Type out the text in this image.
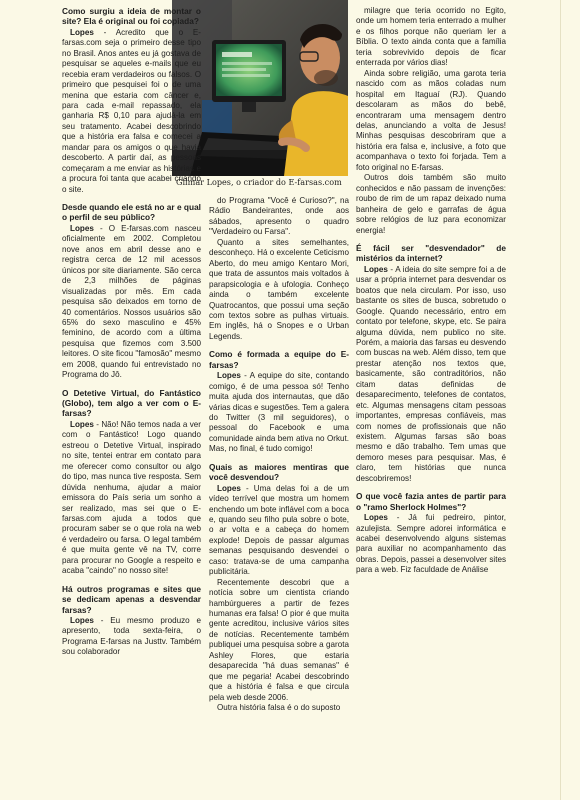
RICARDO FERRARI
Gilmar Lopes, o criador do E-farsas.com

Como surgiu a ideia de montar o site? Ela é original ou foi copiada?

Lopes - Acredito que o E-farsas.com seja o primeiro desse tipo no Brasil. Anos antes eu já gostava de pesquisar se aqueles e-mails que eu recebia eram verdadeiros ou falsos. O primeiro que pesquisei foi o de uma menina que estaria com câncer e, para cada e-mail repassado, ela ganharia R$ 0,10 para ajudá-la em seu tratamento. Acabei descobrindo que a história era falsa e comecei a mandar para os amigos o que havia descoberto. A partir daí, as pessoas começaram a me enviar as histórias e a procura foi tanta que acabei criando o site.

Desde quando ele está no ar e qual o perfil de seu público?

Lopes - O E-farsas.com nasceu oficialmente em 2002. Completou nove anos em abril desse ano e registra cerca de 12 mil acessos únicos por site diariamente. São cerca de 2,3 milhões de páginas visualizadas por mês. Em cada pesquisa são deixados em torno de 40 comentários. Nossos usuários são 65% do sexo masculino e 45% feminino, de acordo com a última pesquisa que fizemos com 3.500 leitores. O site ficou "famosão" mesmo em 2008, quando fui entrevistado no Programa do Jô.

O Detetive Virtual, do Fantástico (Globo), tem algo a ver com o E-farsas?

Lopes - Não! Não temos nada a ver com o Fantástico! Logo quando estreou o Detetive Virtual, inspirado no site, tentei entrar em contato para me oferecer como consultor ou algo do tipo, mas nunca tive resposta. Sem dúvida nenhuma, ajudar a maior emissora do País seria um sonho a ser realizado, mas sei que o E-farsas.com ajuda a todos que procuram saber se o que rola na web é verdadeiro ou farsa. O legal também é que muita gente vê na TV, corre para procurar no Google a respeito e acaba "caindo" no nosso site!

Há outros programas e sites que se dedicam apenas a desvendar farsas?

Lopes - Eu mesmo produzo e apresento, toda sexta-feira, o Programa E-farsas na Justtv. Também sou colaborador

do Programa "Você é Curioso?", na Rádio Bandeirantes, onde aos sábados, apresento o quadro "Verdadeiro ou Farsa".

Quanto a sites semelhantes, desconheço. Há o excelente Ceticismo Aberto, do meu amigo Kentaro Mori, que trata de assuntos mais voltados à parapsicologia e à ufologia. Conheço ainda o também excelente Quatrocantos, que possui uma seção com textos sobre as pulhas virtuais. Em inglês, há o Snopes e o Urban Legends.

Como é formada a equipe do E-farsas?

Lopes - A equipe do site, contando comigo, é de uma pessoa só! Tenho muita ajuda dos internautas, que dão várias dicas e sugestões. Tem a galera do Twitter (3 mil seguidores), o pessoal do Facebook e uma comunidade ainda bem ativa no Orkut. Mas, no final, é tudo comigo!

Quais as maiores mentiras que você desvendou?

Lopes - Uma delas foi a de um vídeo terrível que mostra um homem enchendo um bote inflável com a boca e, quando seu filho pula sobre o bote, o ar volta e a cabeça do homem explode! Depois de passar algumas semanas pesquisando desvendei o caso: tratava-se de uma campanha publicitária.

Recentemente descobri que a notícia sobre um cientista criando hambúrgueres a partir de fezes humanas era falsa! O pior é que muita gente acreditou, inclusive vários sites de notícias. Recentemente também publiquei uma pesquisa sobre a garota Ashley Flores, que estaria desaparecida "há duas semanas" é que me pegaria! Acabei descobrindo que a história é falsa e que circula pela web desde 2006.

Outra história falsa é o do suposto

milagre que teria ocorrido no Egito, onde um homem teria enterrado a mulher e os filhos porque não queriam ler a Bíblia. O texto ainda conta que a família teria sobrevivido depois de ficar enterrada por vários dias!

Ainda sobre religião, uma garota teria nascido com as mãos coladas num hospital em Itaguaí (RJ). Quando descolaram as mãos do bebê, encontraram uma mensagem dentro delas, anunciando a volta de Jesus! Minhas pesquisas descobriram que a história era falsa e, inclusive, a foto que acompanhava o texto foi forjada. Tem a foto original no E-farsas.

Outros dois também são muito conhecidos e não passam de invenções: roubo de rim de um rapaz deixado numa banheira de gelo e garrafas de água sobre relógios de luz para economizar energia!

É fácil ser "desvendador" de mistérios da internet?

Lopes - A ideia do site sempre foi a de usar a própria internet para desvendar os boatos que nela circulam. Por isso, uso bastante os sites de busca, sobretudo o Google. Quando necessário, entro em contato por telefone, skype, etc. Se paira alguma dúvida, nem publico no site. Porém, a maioria das farsas eu desvendo com buscas na web. Além disso, tem que prestar atenção nos textos que, basicamente, são contraditórios, não citam datas definidas de desaparecimento, telefones de contatos, etc. Algumas mensagens citam pessoas importantes, empresas confiáveis, mas com nomes de profissionais que não existem. Algumas farsas são boas mesmo e dão trabalho. Tem umas que demoro meses para pesquisar. Mas, é claro, tem histórias que nunca descobriremos!

O que você fazia antes de partir para o "ramo Sherlock Holmes"?

Lopes - Já fui pedreiro, pintor, azulejista. Sempre adorei informática e acabei desenvolvendo alguns sistemas para auxiliar no acompanhamento das obras. Depois, passei a desenvolver sites para a web. Fiz faculdade de Análise
